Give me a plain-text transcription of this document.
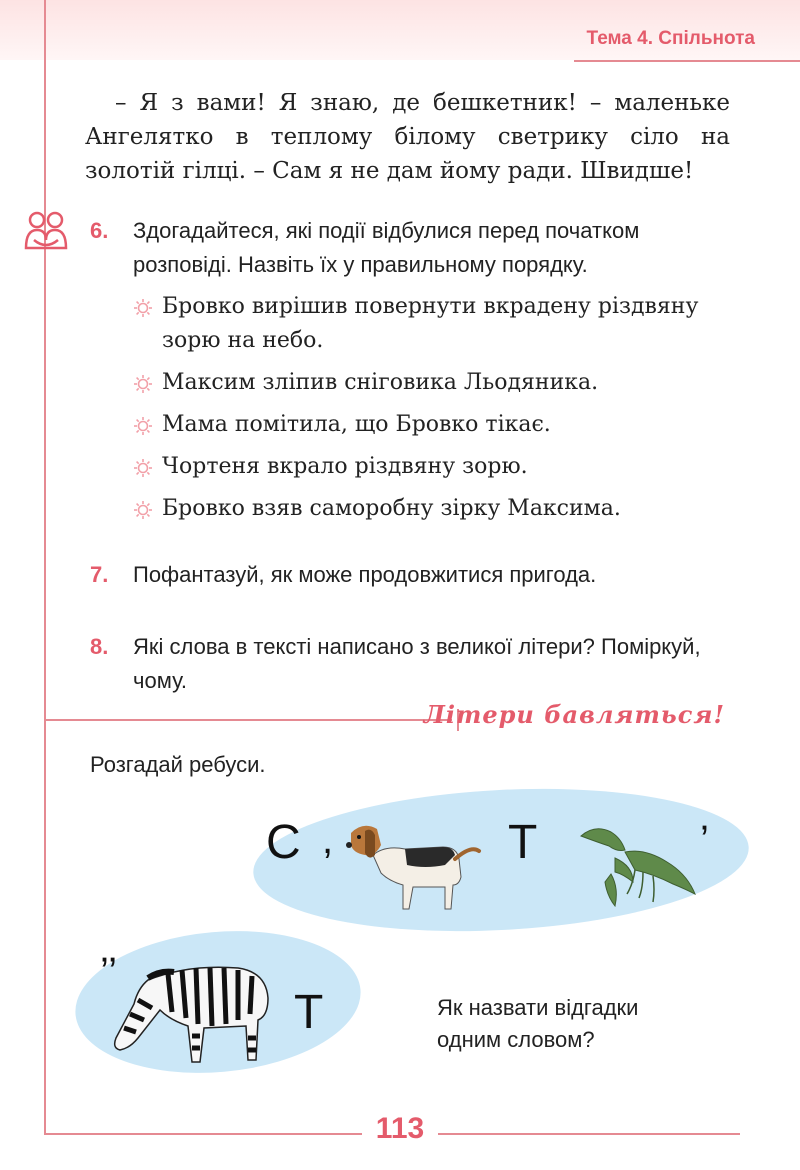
Тема 4. Спільнота
– Я з вами! Я знаю, де бешкетник! – маленьке Ангелятко в теплому білому светрику сіло на золотій гілці. – Сам я не дам йому ради. Швидше!
6. Здогадайтеся, які події відбулися перед початком розповіді. Назвіть їх у правильному порядку.
Бровко вирішив повернути вкрадену різдвяну зорю на небо.
Максим зліпив сніговика Льодяника.
Мама помітила, що Бровко тікає.
Чортеня вкрало різдвяну зорю.
Бровко взяв саморобну зірку Максима.
7. Пофантазуй, як може продовжитися пригода.
8. Які слова в тексті написано з великої літери? Поміркуй, чому.
Літери бавляться!
Розгадай ребуси.
С ,	Т	’
’’
Т	Як назвати відгадки одним словом?
113
